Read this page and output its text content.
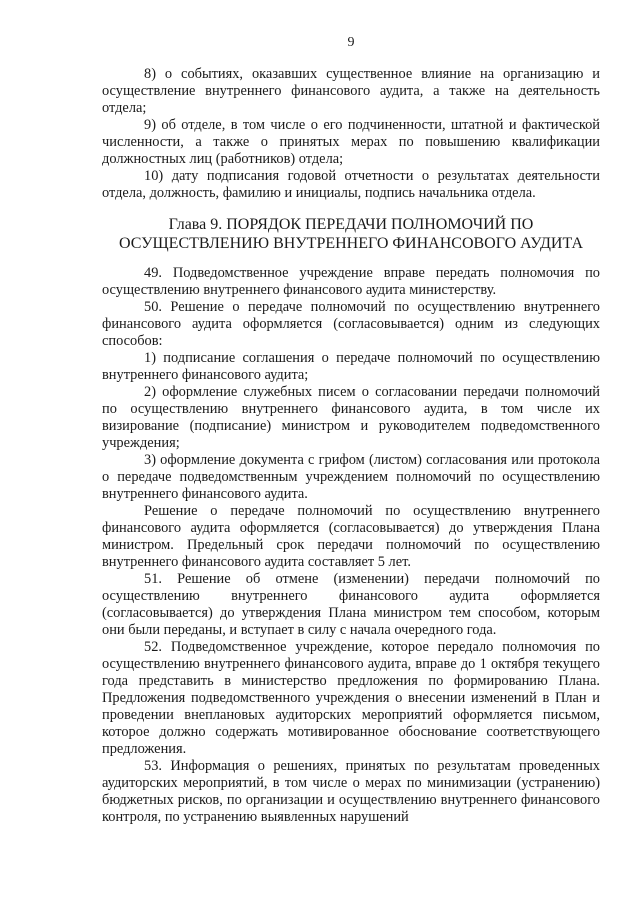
9

8) о событиях, оказавших существенное влияние на организацию и осуществление внутреннего финансового аудита, а также на деятельность отдела;

9) об отделе, в том числе о его подчиненности, штатной и фактической численности, а также о принятых мерах по повышению квалификации должностных лиц (работников) отдела;

10) дату подписания годовой отчетности о результатах деятельности отдела, должность, фамилию и инициалы, подпись начальника отдела.

Глава 9. ПОРЯДОК ПЕРЕДАЧИ ПОЛНОМОЧИЙ ПО
ОСУЩЕСТВЛЕНИЮ ВНУТРЕННЕГО ФИНАНСОВОГО АУДИТА

49. Подведомственное учреждение вправе передать полномочия по осуществлению внутреннего финансового аудита министерству.

50. Решение о передаче полномочий по осуществлению внутреннего финансового аудита оформляется (согласовывается) одним из следующих способов:

1) подписание соглашения о передаче полномочий по осуществлению внутреннего финансового аудита;

2) оформление служебных писем о согласовании передачи полномочий по осуществлению внутреннего финансового аудита, в том числе их визирование (подписание) министром и руководителем подведомственного учреждения;

3) оформление документа с грифом (листом) согласования или протокола о передаче подведомственным учреждением полномочий по осуществлению внутреннего финансового аудита.

Решение о передаче полномочий по осуществлению внутреннего финансового аудита оформляется (согласовывается) до утверждения Плана министром. Предельный срок передачи полномочий по осуществлению внутреннего финансового аудита составляет 5 лет.

51. Решение об отмене (изменении) передачи полномочий по осуществлению внутреннего финансового аудита оформляется (согласовывается) до утверждения Плана министром тем способом, которым они были переданы, и вступает в силу с начала очередного года.

52. Подведомственное учреждение, которое передало полномочия по осуществлению внутреннего финансового аудита, вправе до 1 октября текущего года представить в министерство предложения по формированию Плана. Предложения подведомственного учреждения о внесении изменений в План и проведении внеплановых аудиторских мероприятий оформляется письмом, которое должно содержать мотивированное обоснование соответствующего предложения.

53. Информация о решениях, принятых по результатам проведенных аудиторских мероприятий, в том числе о мерах по минимизации (устранению) бюджетных рисков, по организации и осуществлению внутреннего финансового контроля, по устранению выявленных нарушений
